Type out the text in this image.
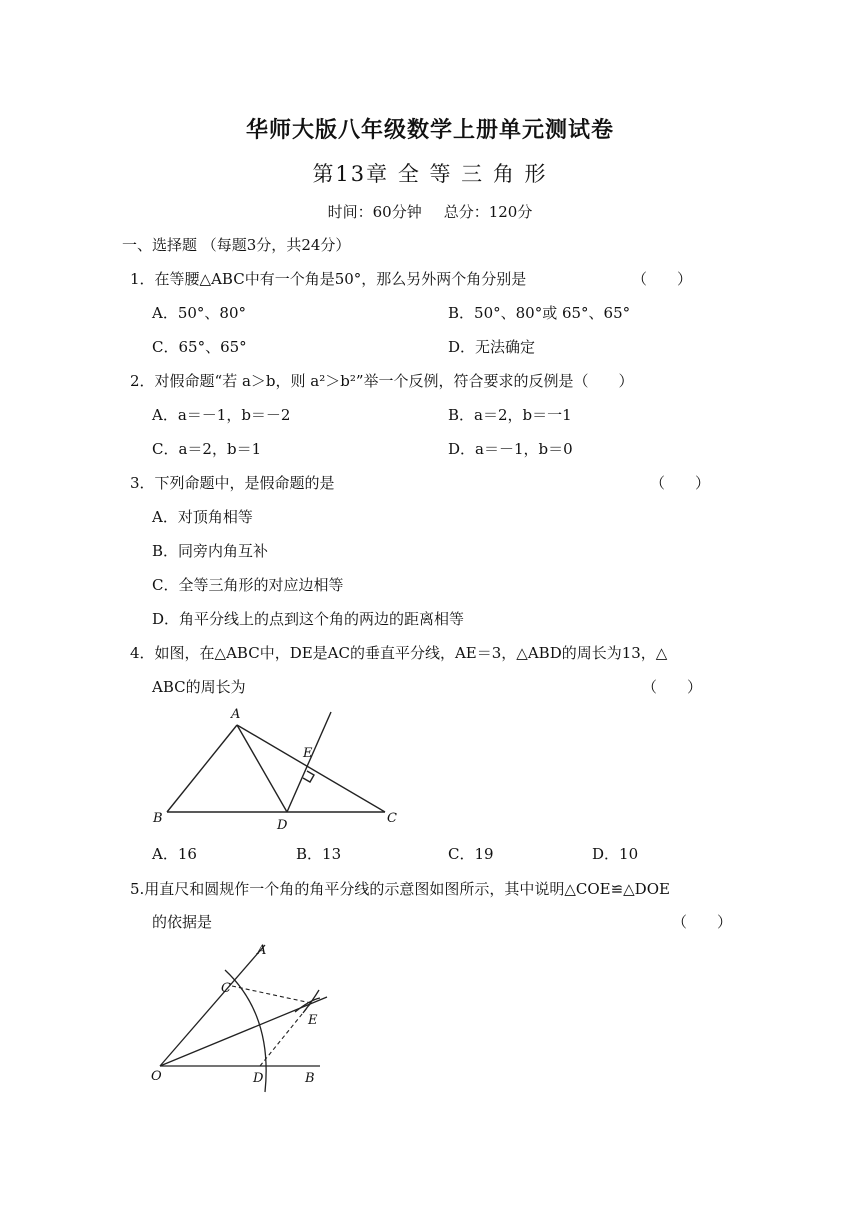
华师大版八年级数学上册单元测试卷
第13章 全 等 三 角 形
时间：60分钟 总分：120分
一、选择题 （每题3分，共24分）
1．在等腰△ABC中有一个角是50°，那么另外两个角分别是	（　　）
A．50°、80°	B．50°、80°或 65°、65°
C．65°、65°	D．无法确定
2．对假命题“若 a＞b，则 a²＞b²”举一个反例，符合要求的反例是（　　）
A．a＝－1，b＝－2	B．a＝2，b＝一1
C．a＝2，b＝1	D．a＝－1，b＝0
3．下列命题中，是假命题的是	（　　）
A．对顶角相等
B．同旁内角互补
C．全等三角形的对应边相等
D．角平分线上的点到这个角的两边的距离相等
4．如图，在△ABC中，DE是AC的垂直平分线，AE＝3，△ABD的周长为13，△
ABC的周长为	（　　）
A
B	C
D
E
A．16	B．13	C．19	D．10
5.用直尺和圆规作一个角的角平分线的示意图如图所示，其中说明△COE≌△DOE
的依据是	（　　）
A
C
E
O	D	B
